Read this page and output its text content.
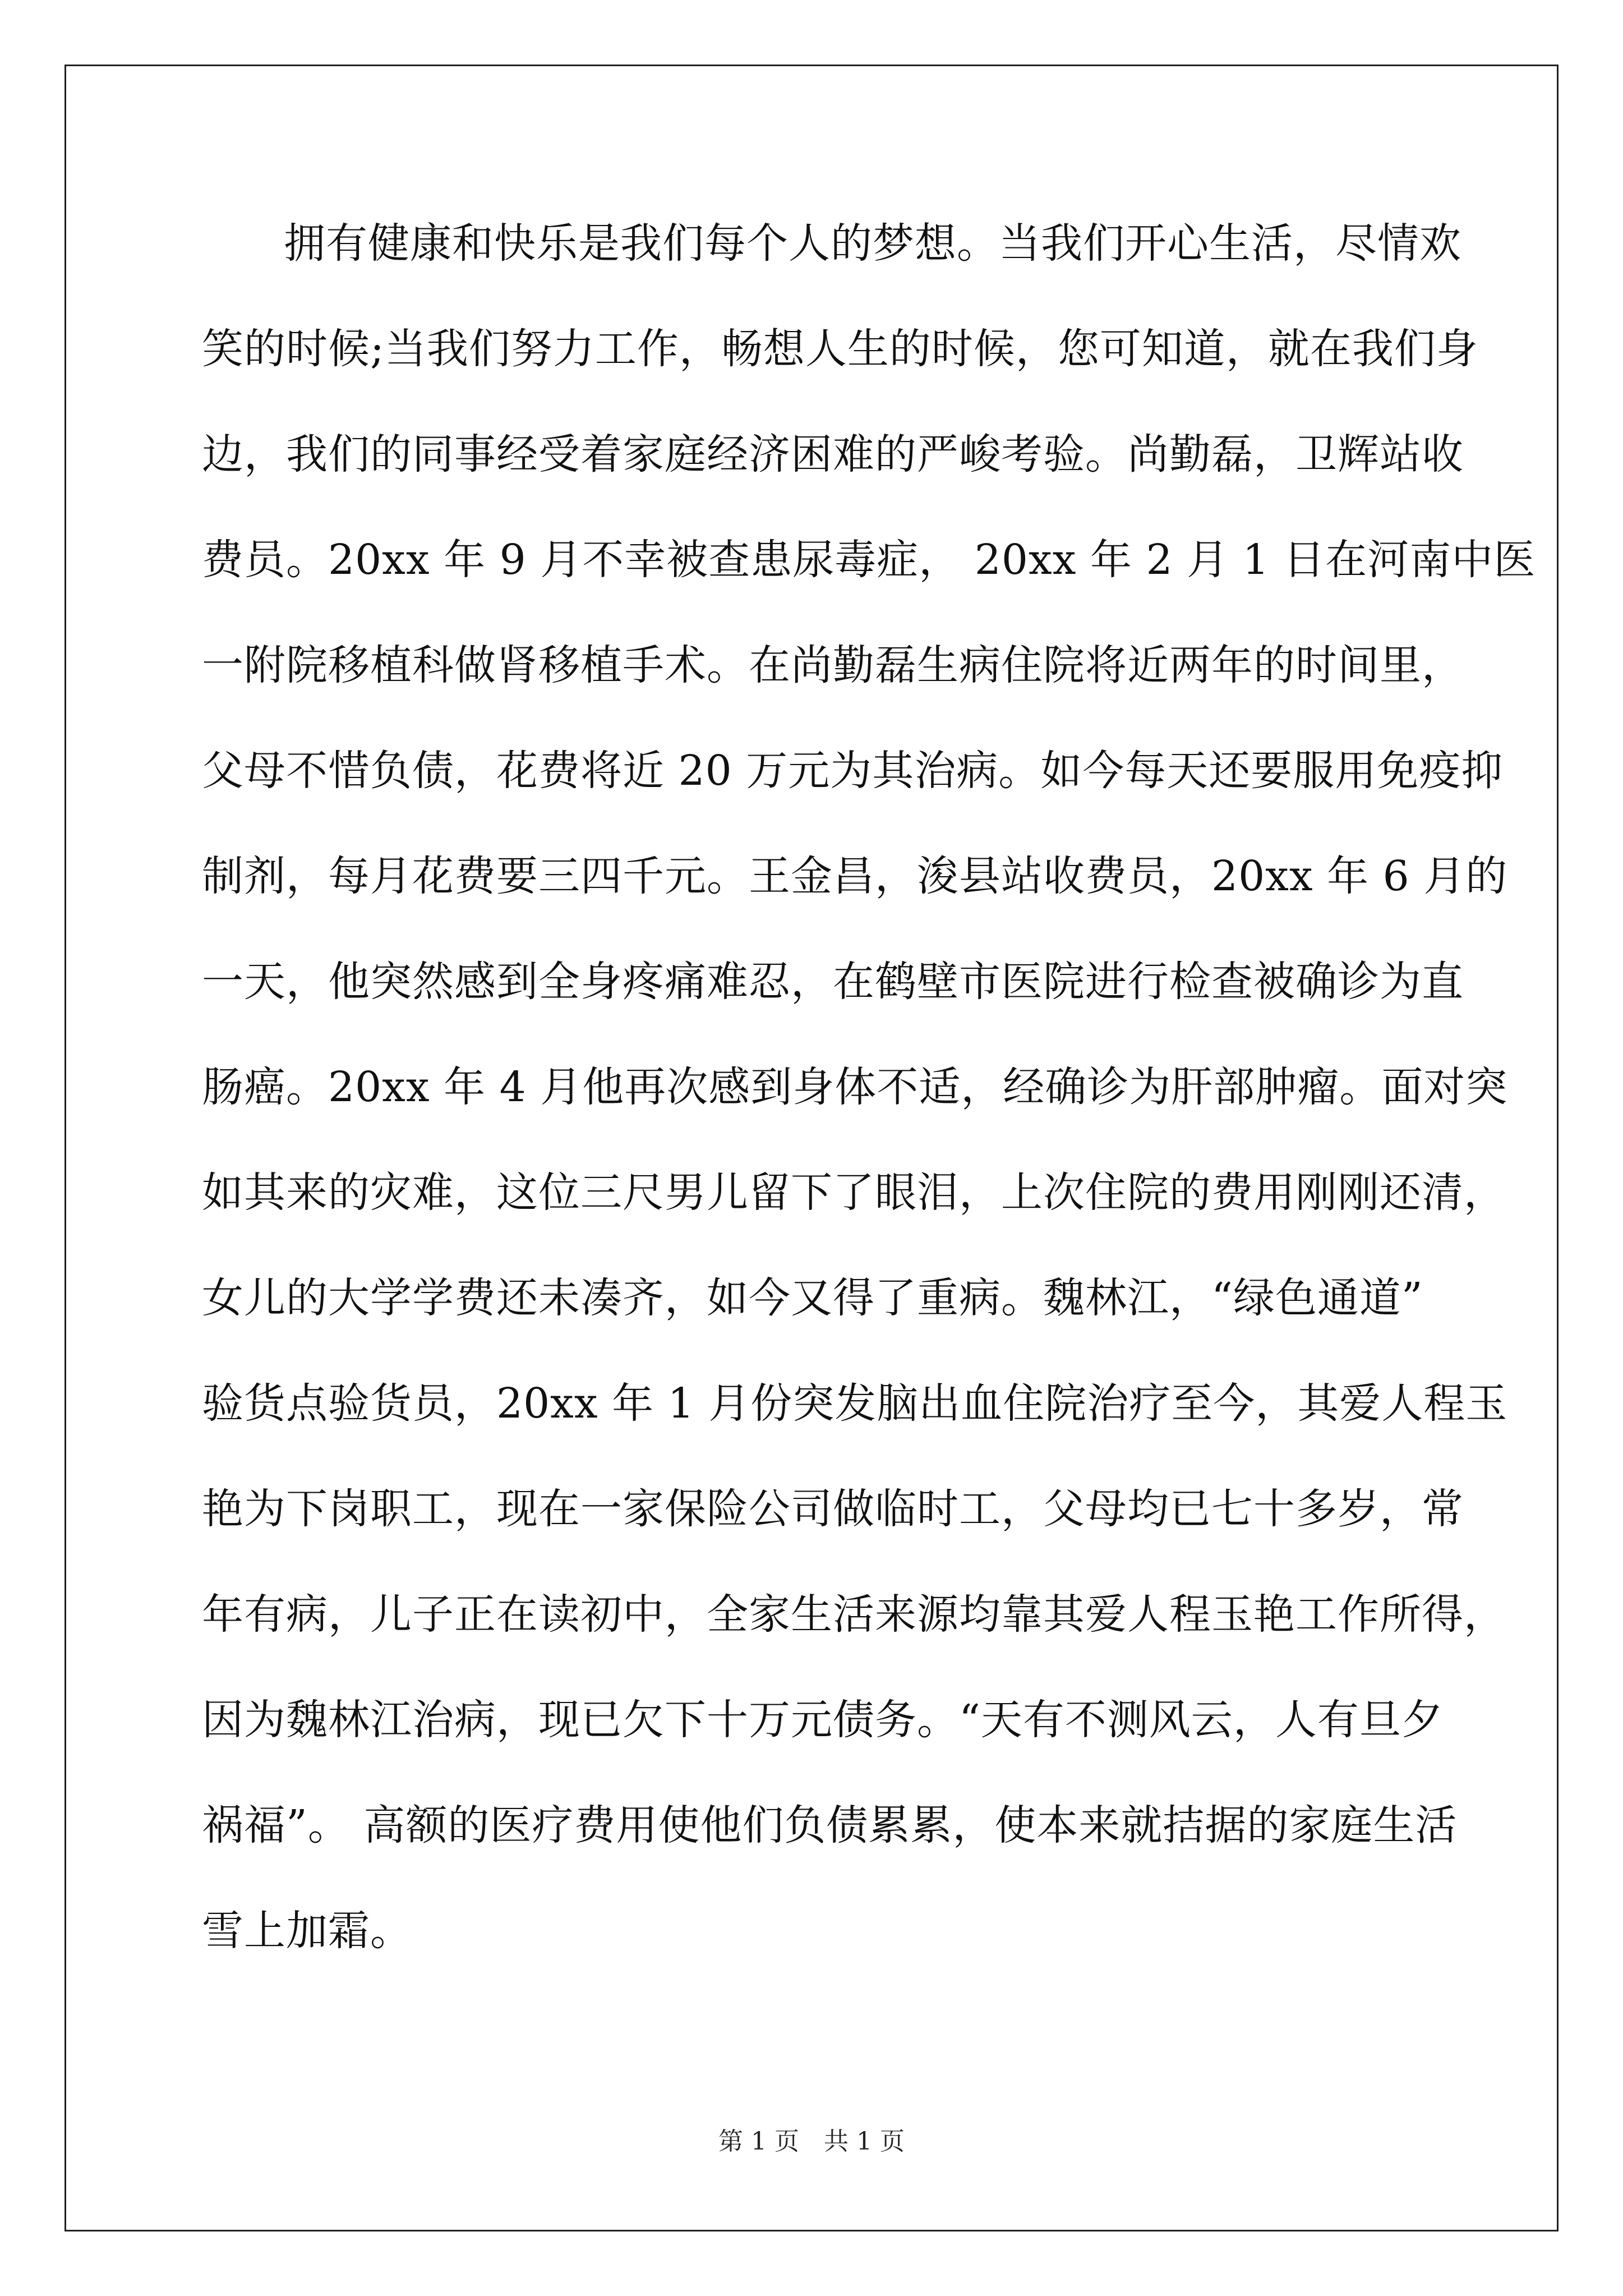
拥有健康和快乐是我们每个人的梦想。当我们开心生活，尽情欢
笑的时候;当我们努力工作，畅想人生的时候，您可知道，就在我们身
边，我们的同事经受着家庭经济困难的严峻考验。尚勤磊，卫辉站收
费员。20xx 年 9 月不幸被查患尿毒症， 20xx 年 2 月 1 日在河南中医
一附院移植科做肾移植手术。在尚勤磊生病住院将近两年的时间里，
父母不惜负债，花费将近 20 万元为其治病。如今每天还要服用免疫抑
制剂，每月花费要三四千元。王金昌，浚县站收费员，20xx 年 6 月的
一天，他突然感到全身疼痛难忍，在鹤壁市医院进行检查被确诊为直
肠癌。20xx 年 4 月他再次感到身体不适，经确诊为肝部肿瘤。面对突
如其来的灾难，这位三尺男儿留下了眼泪，上次住院的费用刚刚还清，
女儿的大学学费还未凑齐，如今又得了重病。魏林江，“绿色通道”
验货点验货员，20xx 年 1 月份突发脑出血住院治疗至今，其爱人程玉
艳为下岗职工，现在一家保险公司做临时工，父母均已七十多岁，常
年有病，儿子正在读初中，全家生活来源均靠其爱人程玉艳工作所得，
因为魏林江治病，现已欠下十万元债务。“天有不测风云，人有旦夕
祸福”。 高额的医疗费用使他们负债累累，使本来就拮据的家庭生活
雪上加霜。
第 1 页　共 1 页
